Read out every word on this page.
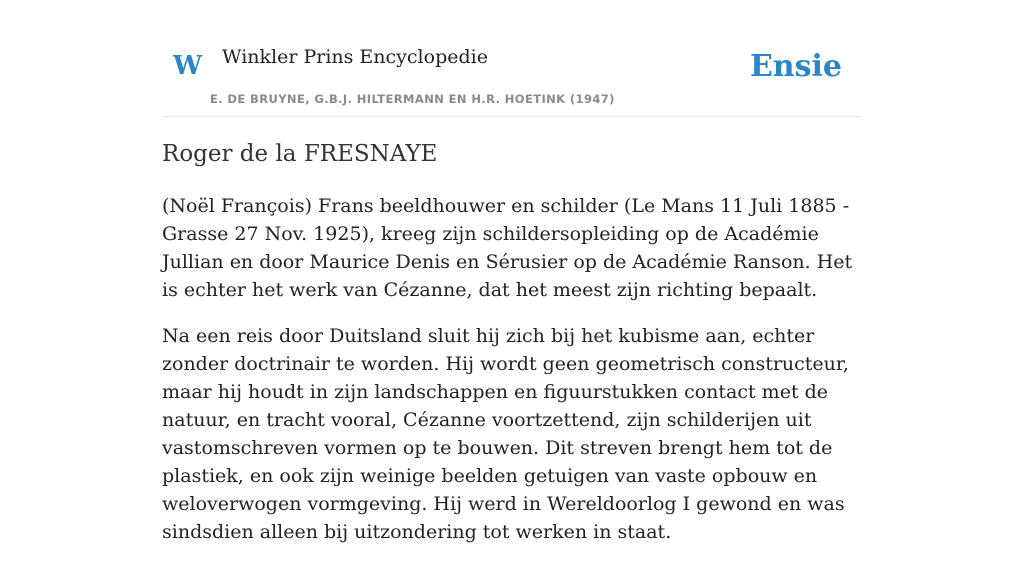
W Winkler Prins Encyclopedie
E. DE BRUYNE, G.B.J. HILTERMANN EN H.R. HOETINK (1947)
Ensie
Roger de la FRESNAYE

(Noël François) Frans beeldhouwer en schilder (Le Mans 11 Juli 1885 - Grasse 27 Nov. 1925), kreeg zijn schildersopleiding op de Académie Jullian en door Maurice Denis en Sérusier op de Académie Ranson. Het is echter het werk van Cézanne, dat het meest zijn richting bepaalt.

Na een reis door Duitsland sluit hij zich bij het kubisme aan, echter zonder doctrinair te worden. Hij wordt geen geometrisch constructeur, maar hij houdt in zijn landschappen en figuurstukken contact met de natuur, en tracht vooral, Cézanne voortzettend, zijn schilderijen uit vastomschreven vormen op te bouwen. Dit streven brengt hem tot de plastiek, en ook zijn weinige beelden getuigen van vaste opbouw en weloverwogen vormgeving. Hij werd in Wereldoorlog I gewond en was sindsdien alleen bij uitzondering tot werken in staat.
